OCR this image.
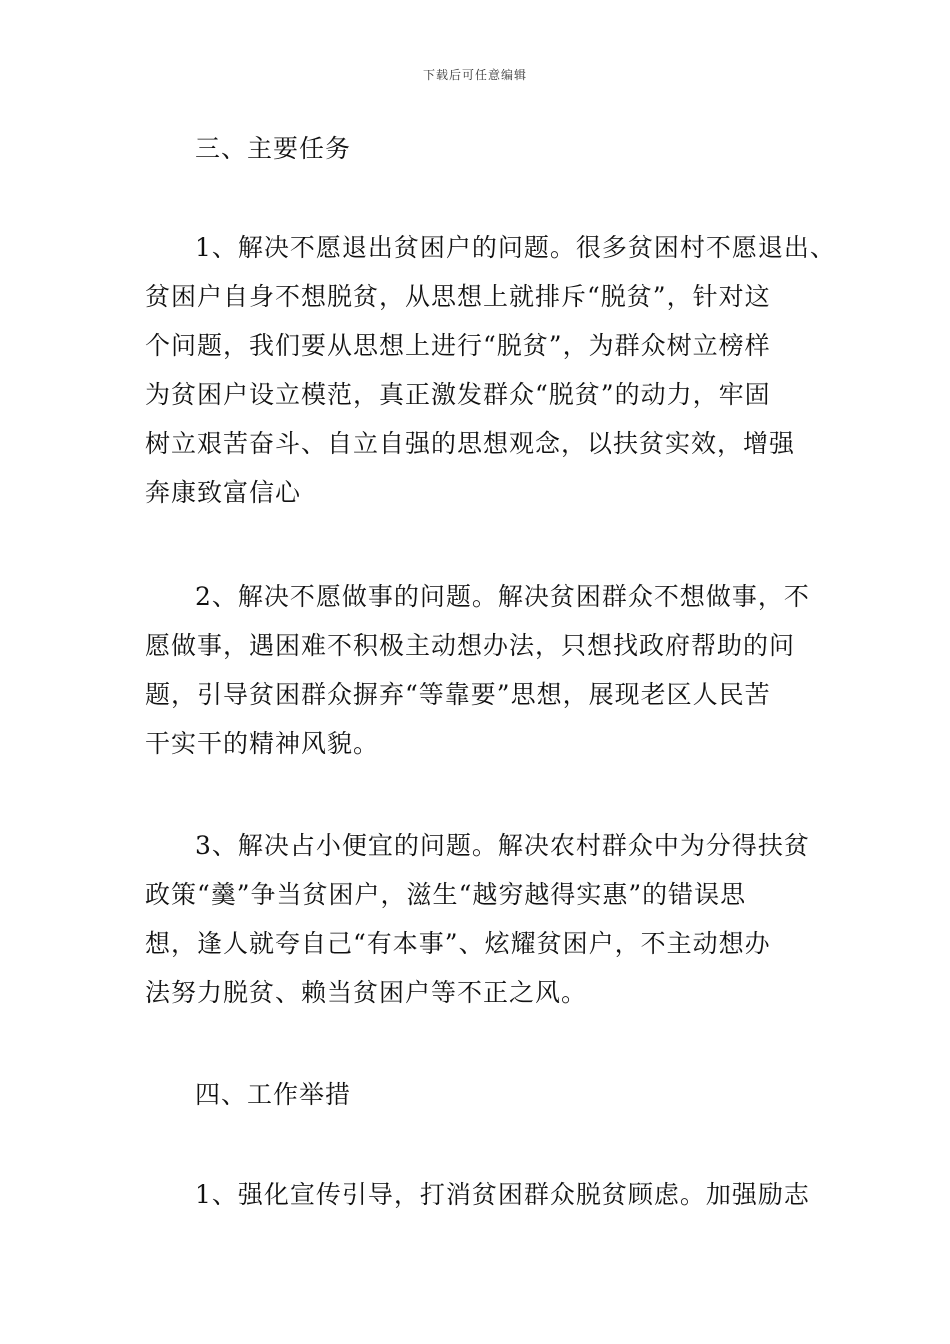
下载后可任意编辑
三、主要任务
1、解决不愿退出贫困户的问题。很多贫困村不愿退出、
贫困户自身不想脱贫，从思想上就排斥“脱贫”，针对这
个问题，我们要从思想上进行“脱贫”，为群众树立榜样
为贫困户设立模范，真正激发群众“脱贫”的动力，牢固
树立艰苦奋斗、自立自强的思想观念，以扶贫实效，增强
奔康致富信心
2、解决不愿做事的问题。解决贫困群众不想做事，不
愿做事，遇困难不积极主动想办法，只想找政府帮助的问
题，引导贫困群众摒弃“等靠要”思想，展现老区人民苦
干实干的精神风貌。
3、解决占小便宜的问题。解决农村群众中为分得扶贫
政策“羹”争当贫困户，滋生“越穷越得实惠”的错误思
想，逢人就夸自己“有本事”、炫耀贫困户，不主动想办
法努力脱贫、赖当贫困户等不正之风。
四、工作举措
1、强化宣传引导，打消贫困群众脱贫顾虑。加强励志
